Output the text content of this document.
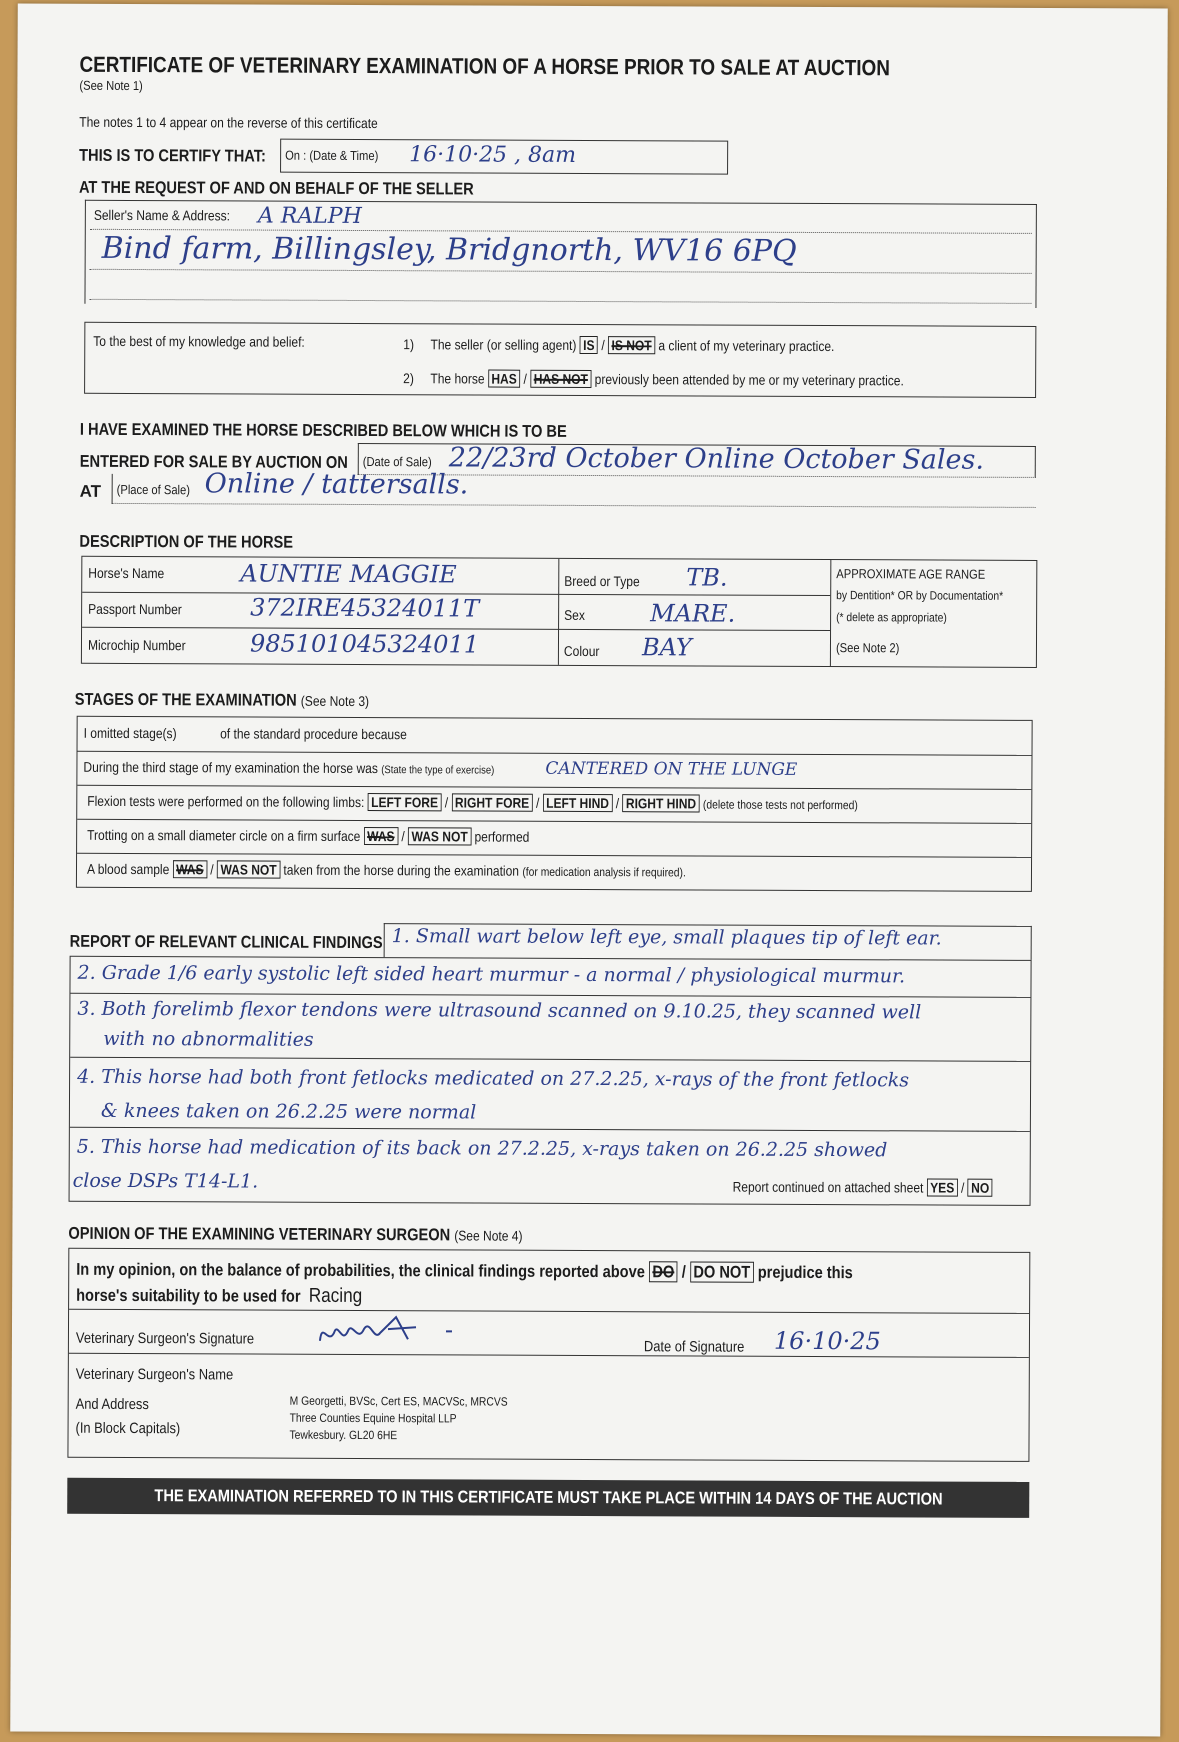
CERTIFICATE OF VETERINARY EXAMINATION OF A HORSE PRIOR TO SALE AT AUCTION
(See Note 1)
The notes 1 to 4 appear on the reverse of this certificate
THIS IS TO CERTIFY THAT:	On : (Date & Time)	16·10·25 , 8am
AT THE REQUEST OF AND ON BEHALF OF THE SELLER
Seller's Name & Address:	A RALPH
Bind farm, Billingsley, Bridgnorth, WV16 6PQ
To the best of my knowledge and belief:	1) The seller (or selling agent) IS / IS NOT a client of my veterinary practice.
2) The horse HAS / HAS NOT previously been attended by me or my veterinary practice.
I HAVE EXAMINED THE HORSE DESCRIBED BELOW WHICH IS TO BE
ENTERED FOR SALE BY AUCTION ON	(Date of Sale) 22/23rd October Online October Sales.
AT (Place of Sale) Online / tattersalls.
DESCRIPTION OF THE HORSE
Horse's Name	AUNTIE MAGGIE
Passport Number	372IRE45324011T
Microchip Number	985101045324011
Breed or Type	TB.
Sex	MARE.
Colour BAY
APPROXIMATE AGE RANGE
by Dentition* OR by Documentation*
(* delete as appropriate)
(See Note 2)
STAGES OF THE EXAMINATION (See Note 3)
I omitted stage(s)	of the standard procedure because
During the third stage of my examination the horse was (State the type of exercise)	CANTERED ON THE LUNGE
Flexion tests were performed on the following limbs: LEFT FORE / RIGHT FORE / LEFT HIND / RIGHT HIND (delete those tests not performed)
Trotting on a small diameter circle on a firm surface WAS / WAS NOT performed
A blood sample WAS / WAS NOT taken from the horse during the examination (for medication analysis if required).
REPORT OF RELEVANT CLINICAL FINDINGS 1. Small wart below left eye, small plaques tip of left ear.
2. Grade 1/6 early systolic left sided heart murmur - a normal / physiological murmur.
3. Both forelimb flexor tendons were ultrasound scanned on 9.10.25, they scanned well
with no abnormalities
4. This horse had both front fetlocks medicated on 27.2.25, x-rays of the front fetlocks
& knees taken on 26.2.25 were normal
5. This horse had medication of its back on 27.2.25, x-rays taken on 26.2.25 showed
close DSPs T14-L1.	Report continued on attached sheet YES / NO
OPINION OF THE EXAMINING VETERINARY SURGEON (See Note 4)
In my opinion, on the balance of probabilities, the clinical findings reported above DO / DO NOT prejudice this
horse's suitability to be used for Racing
Veterinary Surgeon's Signature	Date of Signature	16·10·25
Veterinary Surgeon's Name
And Address
(In Block Capitals)
M Georgetti, BVSc, Cert ES, MACVSc, MRCVS
Three Counties Equine Hospital LLP
Tewkesbury. GL20 6HE
THE EXAMINATION REFERRED TO IN THIS CERTIFICATE MUST TAKE PLACE WITHIN 14 DAYS OF THE AUCTION
